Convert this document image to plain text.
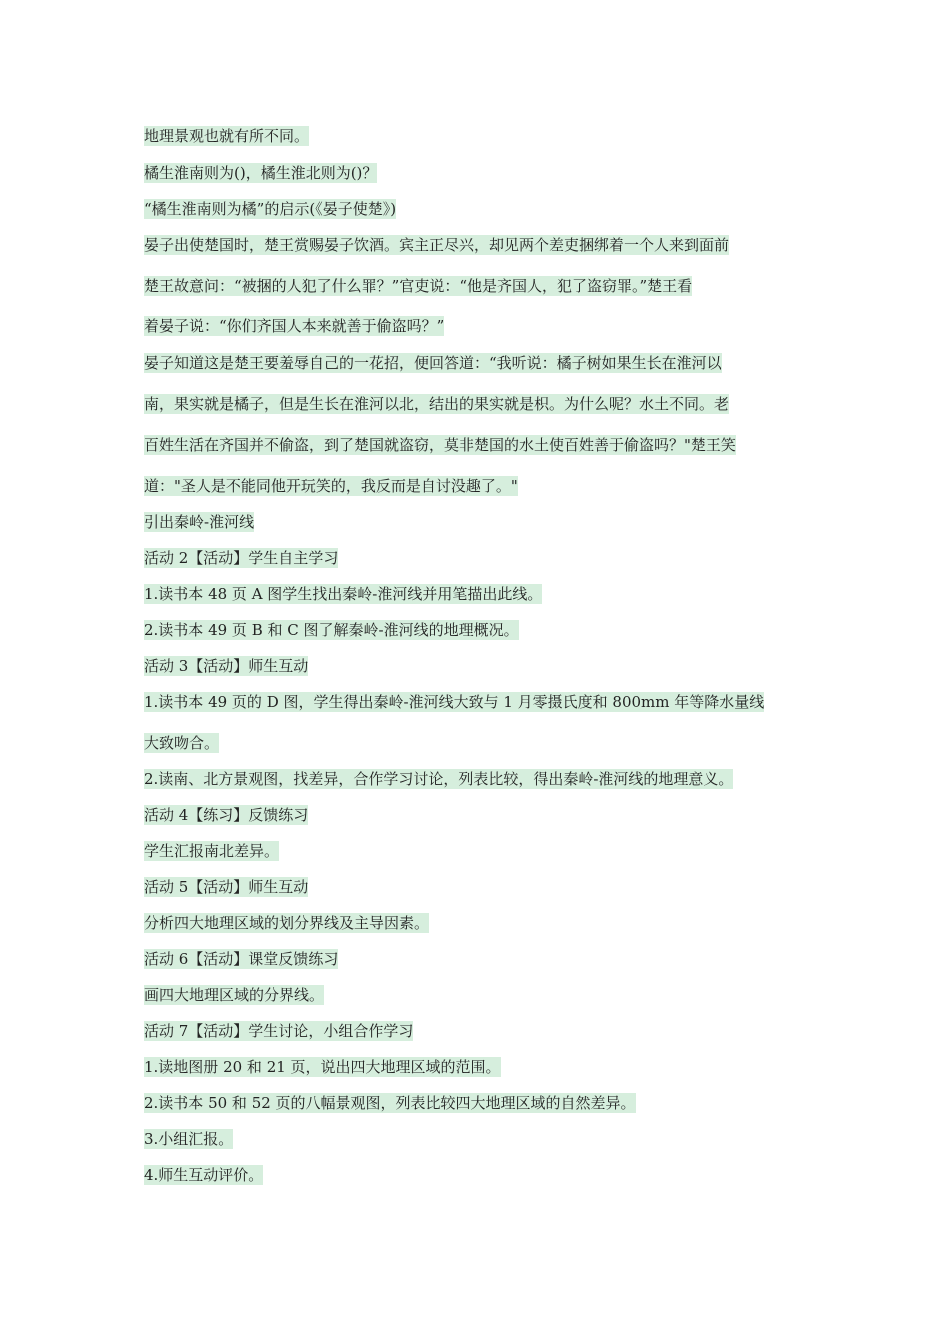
地理景观也就有所不同。
橘生淮南则为()，橘生淮北则为()？
“橘生淮南则为橘”的启示(《晏子使楚》)
晏子出使楚国时，楚王赏赐晏子饮酒。宾主正尽兴，却见两个差吏捆绑着一个人来到面前
楚王故意问：“被捆的人犯了什么罪？”官吏说：“他是齐国人，犯了盗窃罪。”楚王看
着晏子说：“你们齐国人本来就善于偷盗吗？”
晏子知道这是楚王要羞辱自己的一花招，便回答道：“我听说：橘子树如果生长在淮河以
南，果实就是橘子，但是生长在淮河以北，结出的果实就是枳。为什么呢？水土不同。老
百姓生活在齐国并不偷盗，到了楚国就盗窃，莫非楚国的水土使百姓善于偷盗吗？"楚王笑
道："圣人是不能同他开玩笑的，我反而是自讨没趣了。"
引出秦岭-淮河线
活动 2【活动】学生自主学习
1.读书本 48 页 A 图学生找出秦岭-淮河线并用笔描出此线。
2.读书本 49 页 B 和 C 图了解秦岭-淮河线的地理概况。
活动 3【活动】师生互动
1.读书本 49 页的 D 图，学生得出秦岭-淮河线大致与 1 月零摄氏度和 800mm 年等降水量线
大致吻合。
2.读南、北方景观图，找差异，合作学习讨论，列表比较，得出秦岭-淮河线的地理意义。
活动 4【练习】反馈练习
学生汇报南北差异。
活动 5【活动】师生互动
分析四大地理区域的划分界线及主导因素。
活动 6【活动】课堂反馈练习
画四大地理区域的分界线。
活动 7【活动】学生讨论，小组合作学习
1.读地图册 20 和 21 页，说出四大地理区域的范围。
2.读书本 50 和 52 页的八幅景观图，列表比较四大地理区域的自然差异。
3.小组汇报。
4.师生互动评价。
